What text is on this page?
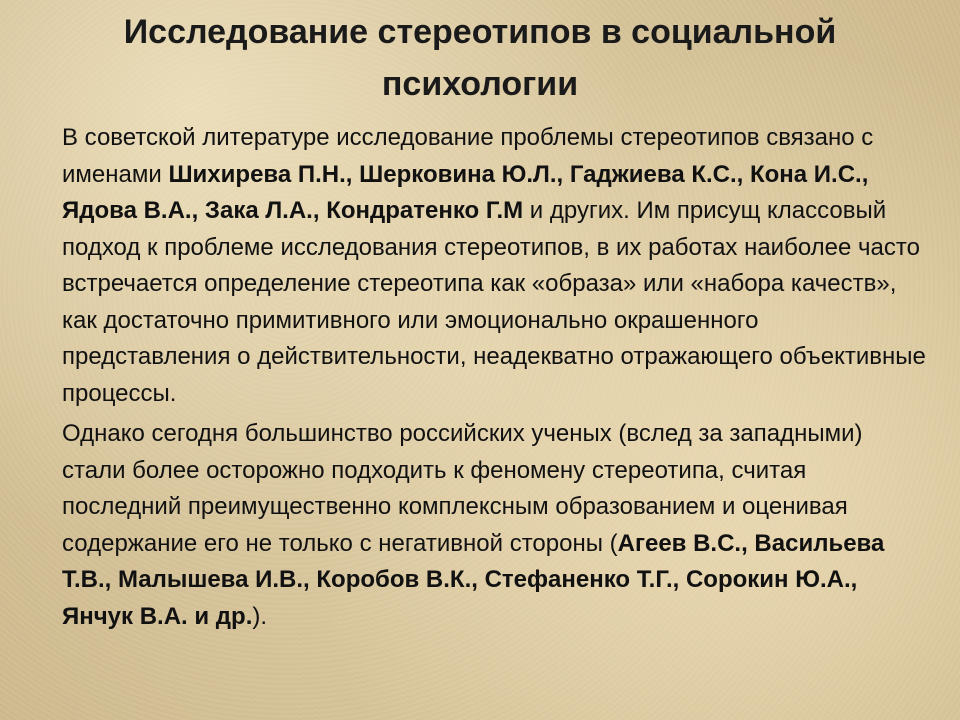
Исследование стереотипов в социальной психологии

В советской литературе исследование проблемы стереотипов связано с именами Шихирева П.Н., Шерковина Ю.Л., Гаджиева К.С., Кона И.С., Ядова В.А., Зака Л.А., Кондратенко Г.М и других. Им присущ классовый подход к проблеме исследования стереотипов, в их работах наиболее часто встречается определение стереотипа как «образа» или «набора качеств», как достаточно примитивного или эмоционально окрашенного представления о действительности, неадекватно отражающего объективные процессы.

Однако сегодня большинство российских ученых (вслед за западными) стали более осторожно подходить к феномену стереотипа, считая последний преимущественно комплексным образованием и оценивая содержание его не только с негативной стороны (Агеев В.С., Васильева Т.В., Малышева И.В., Коробов В.К., Стефаненко Т.Г., Сорокин Ю.А., Янчук В.А. и др.).
